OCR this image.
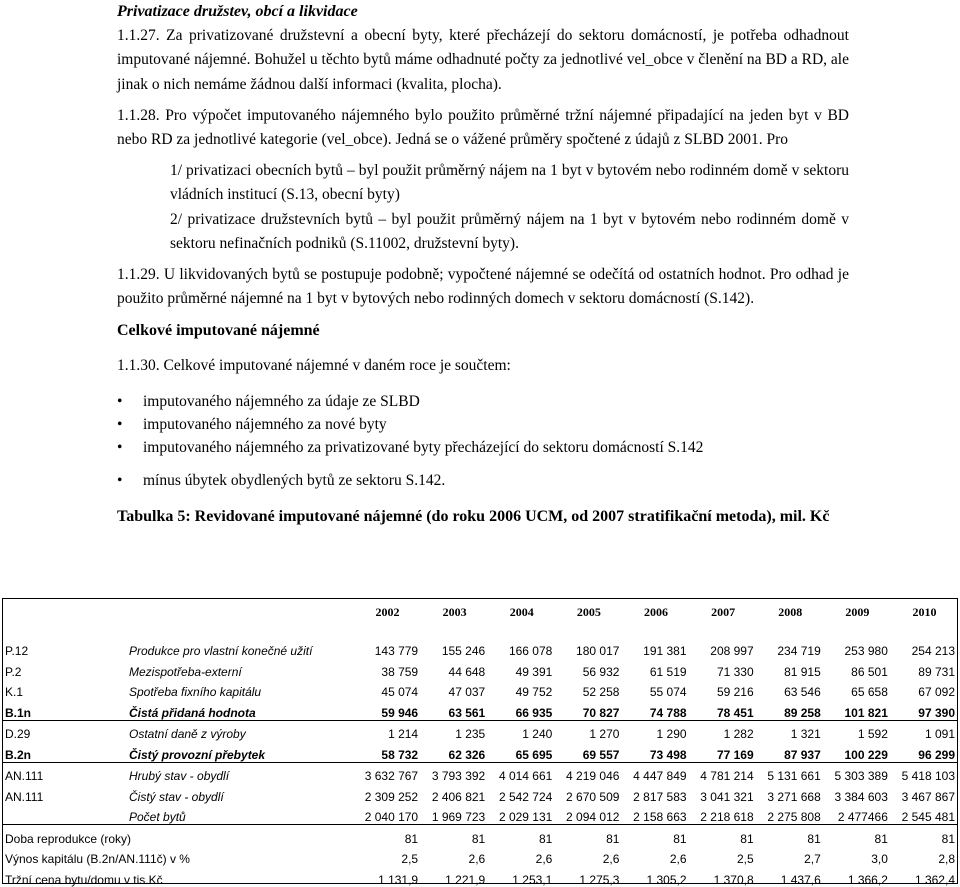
Privatizace družstev, obcí a likvidace

1.1.27. Za privatizované družstevní a obecní byty, které přecházejí do sektoru domácností, je potřeba odhadnout imputované nájemné. Bohužel u těchto bytů máme odhadnuté počty za jednotlivé vel_obce v členění na BD a RD, ale jinak o nich nemáme žádnou další informaci (kvalita, plocha).

1.1.28. Pro výpočet imputovaného nájemného bylo použito průměrné tržní nájemné připadající na jeden byt v BD nebo RD za jednotlivé kategorie (vel_obce). Jedná se o vážené průměry spočtené z údajů z SLBD 2001. Pro

1/ privatizaci obecních bytů – byl použit průměrný nájem na 1 byt v bytovém nebo rodinném domě v sektoru vládních institucí (S.13, obecní byty)

2/ privatizace družstevních bytů – byl použit průměrný nájem na 1 byt v bytovém nebo rodinném domě v sektoru nefinačních podniků (S.11002, družstevní byty).

1.1.29. U likvidovaných bytů se postupuje podobně; vypočtené nájemné se odečítá od ostatních hodnot. Pro odhad je použito průměrné nájemné na 1 byt v bytových nebo rodinných domech v sektoru domácností (S.142).

Celkové imputované nájemné

1.1.30. Celkové imputované nájemné v daném roce je součtem:

• imputovaného nájemného za údaje ze SLBD
• imputovaného nájemného za nové byty
• imputovaného nájemného za privatizované byty přecházející do sektoru domácností S.142
• mínus úbytek obydlených bytů ze sektoru S.142.

Tabulka 5: Revidované imputované nájemné (do roku 2006 UCM, od 2007 stratifikační metoda), mil. Kč

		2002	2003	2004	2005	2006	2007	2008	2009	2010
P.12	Produkce pro vlastní konečné užití	143 779	155 246	166 078	180 017	191 381	208 997	234 719	253 980	254 213
P.2	Mezispotřeba-externí	38 759	44 648	49 391	56 932	61 519	71 330	81 915	86 501	89 731
K.1	Spotřeba fixního kapitálu	45 074	47 037	49 752	52 258	55 074	59 216	63 546	65 658	67 092
B.1n	Čistá přidaná hodnota	59 946	63 561	66 935	70 827	74 788	78 451	89 258	101 821	97 390
D.29	Ostatní daně z výroby	1 214	1 235	1 240	1 270	1 290	1 282	1 321	1 592	1 091
B.2n	Čistý provozní přebytek	58 732	62 326	65 695	69 557	73 498	77 169	87 937	100 229	96 299
AN.111	Hrubý stav - obydlí	3 632 767	3 793 392	4 014 661	4 219 046	4 447 849	4 781 214	5 131 661	5 303 389	5 418 103
AN.111	Čistý stav - obydlí	2 309 252	2 406 821	2 542 724	2 670 509	2 817 583	3 041 321	3 271 668	3 384 603	3 467 867
	Počet bytů	2 040 170	1 969 723	2 029 131	2 094 012	2 158 663	2 218 618	2 275 808	2 477466	2 545 481
Doba reprodukce (roky)		81	81	81	81	81	81	81	81	81
Výnos kapitálu (B.2n/AN.111č) v %		2,5	2,6	2,6	2,6	2,6	2,5	2,7	3,0	2,8
Tržní cena bytu/domu v tis.Kč		1 131,9	1 221,9	1 253,1	1 275,3	1 305,2	1 370,8	1 437,6	1 366,2	1 362,4
